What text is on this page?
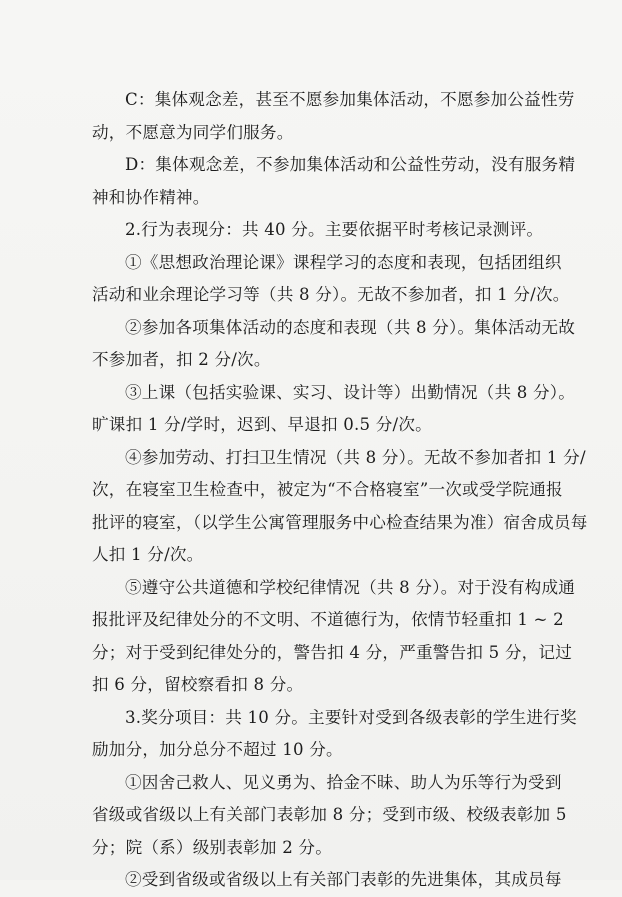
C：集体观念差，甚至不愿参加集体活动，不愿参加公益性劳
动，不愿意为同学们服务。
D：集体观念差，不参加集体活动和公益性劳动，没有服务精
神和协作精神。
2.行为表现分：共 40 分。主要依据平时考核记录测评。
①《思想政治理论课》课程学习的态度和表现，包括团组织
活动和业余理论学习等（共 8 分）。无故不参加者，扣 1 分/次。
②参加各项集体活动的态度和表现（共 8 分）。集体活动无故
不参加者，扣 2 分/次。
③上课（包括实验课、实习、设计等）出勤情况（共 8 分）。
旷课扣 1 分/学时，迟到、早退扣 0.5 分/次。
④参加劳动、打扫卫生情况（共 8 分）。无故不参加者扣 1 分/
次，在寝室卫生检查中，被定为“不合格寝室”一次或受学院通报
批评的寝室，（以学生公寓管理服务中心检查结果为准）宿舍成员每
人扣 1 分/次。
⑤遵守公共道德和学校纪律情况（共 8 分）。对于没有构成通
报批评及纪律处分的不文明、不道德行为，依情节轻重扣 1 ~ 2
分；对于受到纪律处分的，警告扣 4 分，严重警告扣 5 分，记过
扣 6 分，留校察看扣 8 分。
3.奖分项目：共 10 分。主要针对受到各级表彰的学生进行奖
励加分，加分总分不超过 10 分。
①因舍己救人、见义勇为、拾金不昧、助人为乐等行为受到
省级或省级以上有关部门表彰加 8 分；受到市级、校级表彰加 5
分；院（系）级别表彰加 2 分。
②受到省级或省级以上有关部门表彰的先进集体，其成员每
